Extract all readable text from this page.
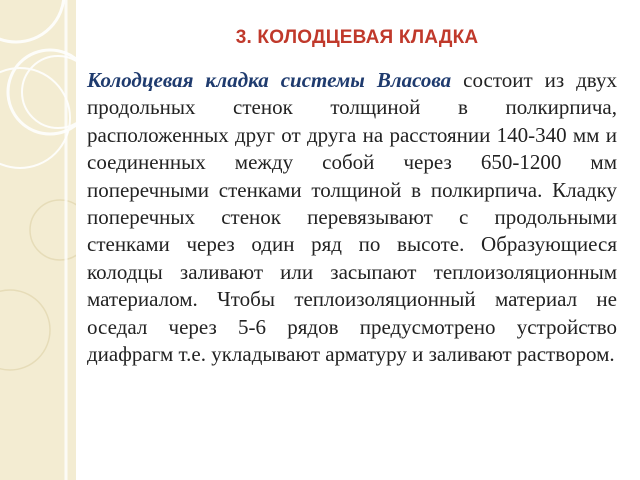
3. КОЛОДЦЕВАЯ КЛАДКА

Колодцевая кладка системы Власова состоит из двух продольных стенок толщиной в полкирпича, расположенных друг от друга на расстоянии 140-340 мм и соединенных между собой через 650-1200 мм поперечными стенками толщиной в полкирпича. Кладку поперечных стенок перевязывают с продольными стенками через один ряд по высоте. Образующиеся колодцы заливают или засыпают теплоизоляционным материалом. Чтобы теплоизоляционный материал не оседал через 5-6 рядов предусмотрено устройство диафрагм т.е. укладывают арматуру и заливают раствором.
